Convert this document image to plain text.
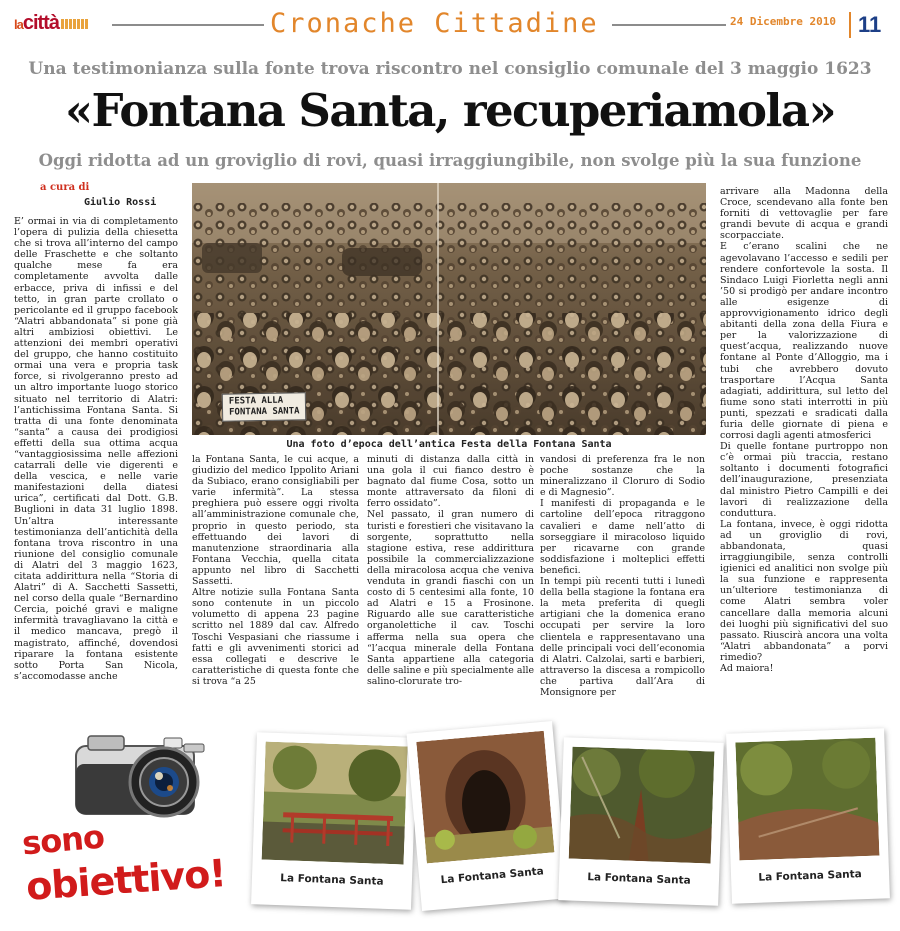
lacittà	Cronache Cittadine	24 Dicembre 2010 11
Una testimonianza sulla fonte trova riscontro nel consiglio comunale del 3 maggio 1623
«Fontana Santa, recuperiamola»
Oggi ridotta ad un groviglio di rovi, quasi irraggiungibile, non svolge più la sua funzione
a cura di
Giulio Rossi
FESTA ALLA
FONTANA SANTA
Una foto d’epoca dell’antica Festa della Fontana Santa

E’ ormai in via di completamento l’opera di pulizia della chiesetta che si trova all’interno del campo delle Fraschette e che soltanto qualche mese fa era completamente avvolta dalle erbacce, priva di infissi e del tetto, in gran parte crollato o pericolante ed il gruppo facebook “Alatri abbandonata” si pone già altri ambiziosi obiettivi. Le attenzioni dei membri operativi del gruppo, che hanno costituito ormai una vera e propria task force, si rivolgeranno presto ad un altro importante luogo storico situato nel territorio di Alatri: l’antichissima Fontana Santa. Si tratta di una fonte denominata “santa” a causa dei prodigiosi effetti della sua ottima acqua “vantaggiosissima nelle affezioni catarrali delle vie digerenti e della vescica, e nelle varie manifestazioni della diatesi urica”, certificati dal Dott. G.B. Buglioni in data 31 luglio 1898. Un’altra interessante testimonianza dell’antichità della fontana trova riscontro in una riunione del consiglio comunale di Alatri del 3 maggio 1623, citata addirittura nella “Storia di Alatri” di A. Sacchetti Sassetti, nel corso della quale “Bernardino Cercia, poiché gravi e maligne infermità travagliavano la città e il medico mancava, pregò il magistrato, affinché, dovendosi riparare la fontana esistente sotto Porta San Nicola, s’accomodasse anche

la Fontana Santa, le cui acque, a giudizio del medico Ippolito Ariani da Subiaco, erano consigliabili per varie infermità”. La stessa preghiera può essere oggi rivolta all’amministrazione comunale che, proprio in questo periodo, sta effettuando dei lavori di manutenzione straordinaria alla Fontana Vecchia, quella citata appunto nel libro di Sacchetti Sassetti.

Altre notizie sulla Fontana Santa sono contenute in un piccolo volumetto di appena 23 pagine scritto nel 1889 dal cav. Alfredo Toschi Vespasiani che riassume i fatti e gli avvenimenti storici ad essa collegati e descrive le caratteristiche di questa fonte che si trova “a 25

minuti di distanza dalla città in una gola il cui fianco destro è bagnato dal fiume Cosa, sotto un monte attraversato da filoni di ferro ossidato”.

Nel passato, il gran numero di turisti e forestieri che visitavano la sorgente, soprattutto nella stagione estiva, rese addirittura possibile la commercializzazione della miracolosa acqua che veniva venduta in grandi fiaschi con un costo di 5 centesimi alla fonte, 10 ad Alatri e 15 a Frosinone. Riguardo alle sue caratteristiche organolettiche il cav. Toschi afferma nella sua opera che “l’acqua minerale della Fontana Santa appartiene alla categoria delle saline e più specialmente alle salino-clorurate tro-

vandosi di preferenza fra le non poche sostanze che la mineralizzano il Cloruro di Sodio e di Magnesio”.

I manifesti di propaganda e le cartoline dell’epoca ritraggono cavalieri e dame nell’atto di sorseggiare il miracoloso liquido per ricavarne con grande soddisfazione i molteplici effetti benefici.

In tempi più recenti tutti i lunedì della bella stagione la fontana era la meta preferita di quegli artigiani che la domenica erano occupati per servire la loro clientela e rappresentavano una delle principali voci dell’economia di Alatri. Calzolai, sarti e barbieri, attraverso la discesa a rompicollo che partiva dall’Ara di Monsignore per

arrivare alla Madonna della Croce, scendevano alla fonte ben forniti di vettovaglie per fare grandi bevute di acqua e grandi scorpacciate.

E c’erano scalini che ne agevolavano l’accesso e sedili per rendere confortevole la sosta. Il Sindaco Luigi Fiorletta negli anni ’50 si prodigò per andare incontro alle esigenze di approvvigionamento idrico degli abitanti della zona della Fiura e per la valorizzazione di quest’acqua, realizzando nuove fontane al Ponte d’Alloggio, ma i tubi che avrebbero dovuto trasportare l’Acqua Santa adagiati, addirittura, sul letto del fiume sono stati interrotti in più punti, spezzati e sradicati dalla furia delle giornate di piena e corrosi dagli agenti atmosferici

Di quelle fontane purtroppo non c’è ormai più traccia, restano soltanto i documenti fotografici dell’inaugurazione, presenziata dal ministro Pietro Campilli e dei lavori di realizzazione della conduttura.

La fontana, invece, è oggi ridotta ad un groviglio di rovi, abbandonata, quasi irraggiungibile, senza controlli igienici ed analitici non svolge più la sua funzione e rappresenta un’ulteriore testimonianza di come Alatri sembra voler cancellare dalla memoria alcuni dei luoghi più significativi del suo passato. Riuscirà ancora una volta “Alatri abbandonata” a porvi rimedio?

Ad maiora!

sono
obiettivo!	La Fontana Santa	La Fontana Santa	La Fontana Santa	La Fontana Santa
